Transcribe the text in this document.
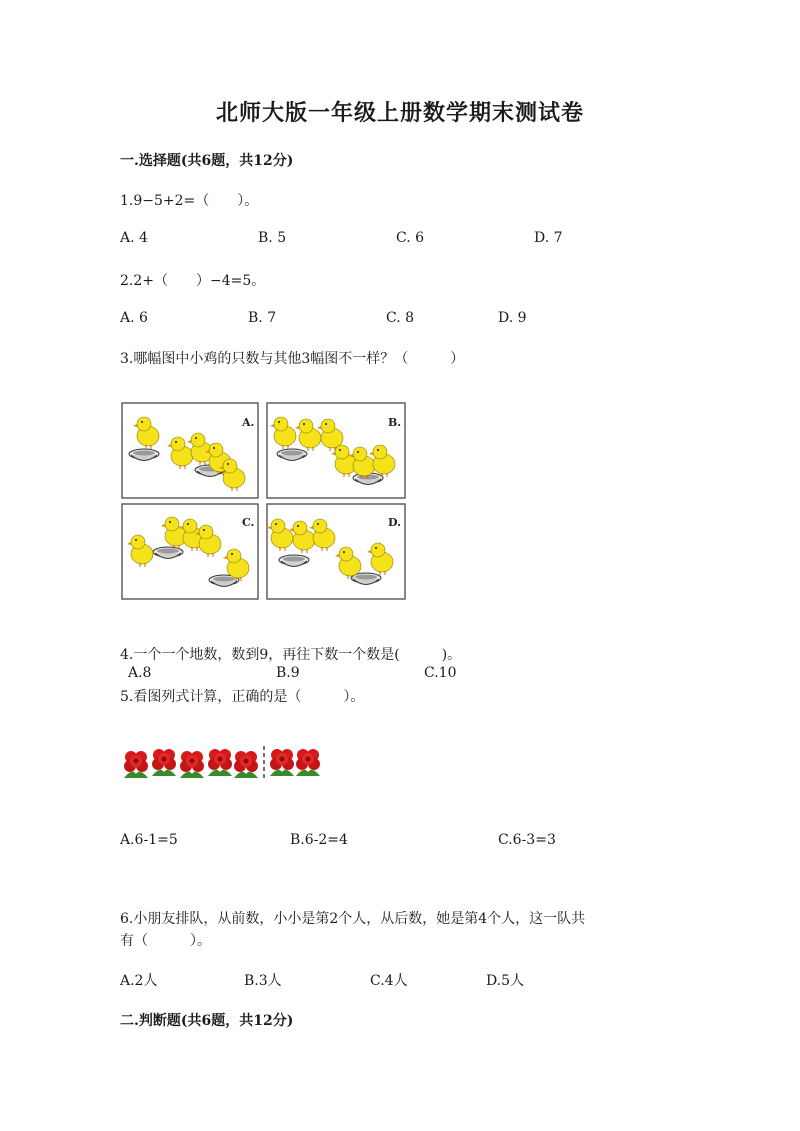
北师大版一年级上册数学期末测试卷
一.选择题(共6题，共12分)
1.9−5+2=（　　）。
A. 4	B. 5	C. 6	D. 7
2.2+（　　）−4=5。
A. 6	B. 7	C. 8	D. 9
3.哪幅图中小鸡的只数与其他3幅图不一样？（　　　）
A.	B.
C.	D.
4.一个一个地数，数到9，再往下数一个数是(　　　)。
A.8	B.9	C.10
5.看图列式计算，正确的是（　　　）。
A.6-1=5	B.6-2=4	C.6-3=3
6.小朋友排队，从前数，小小是第2个人，从后数，她是第4个人，这一队共
有（　　　）。
A.2人	B.3人	C.4人	D.5人
二.判断题(共6题，共12分)
